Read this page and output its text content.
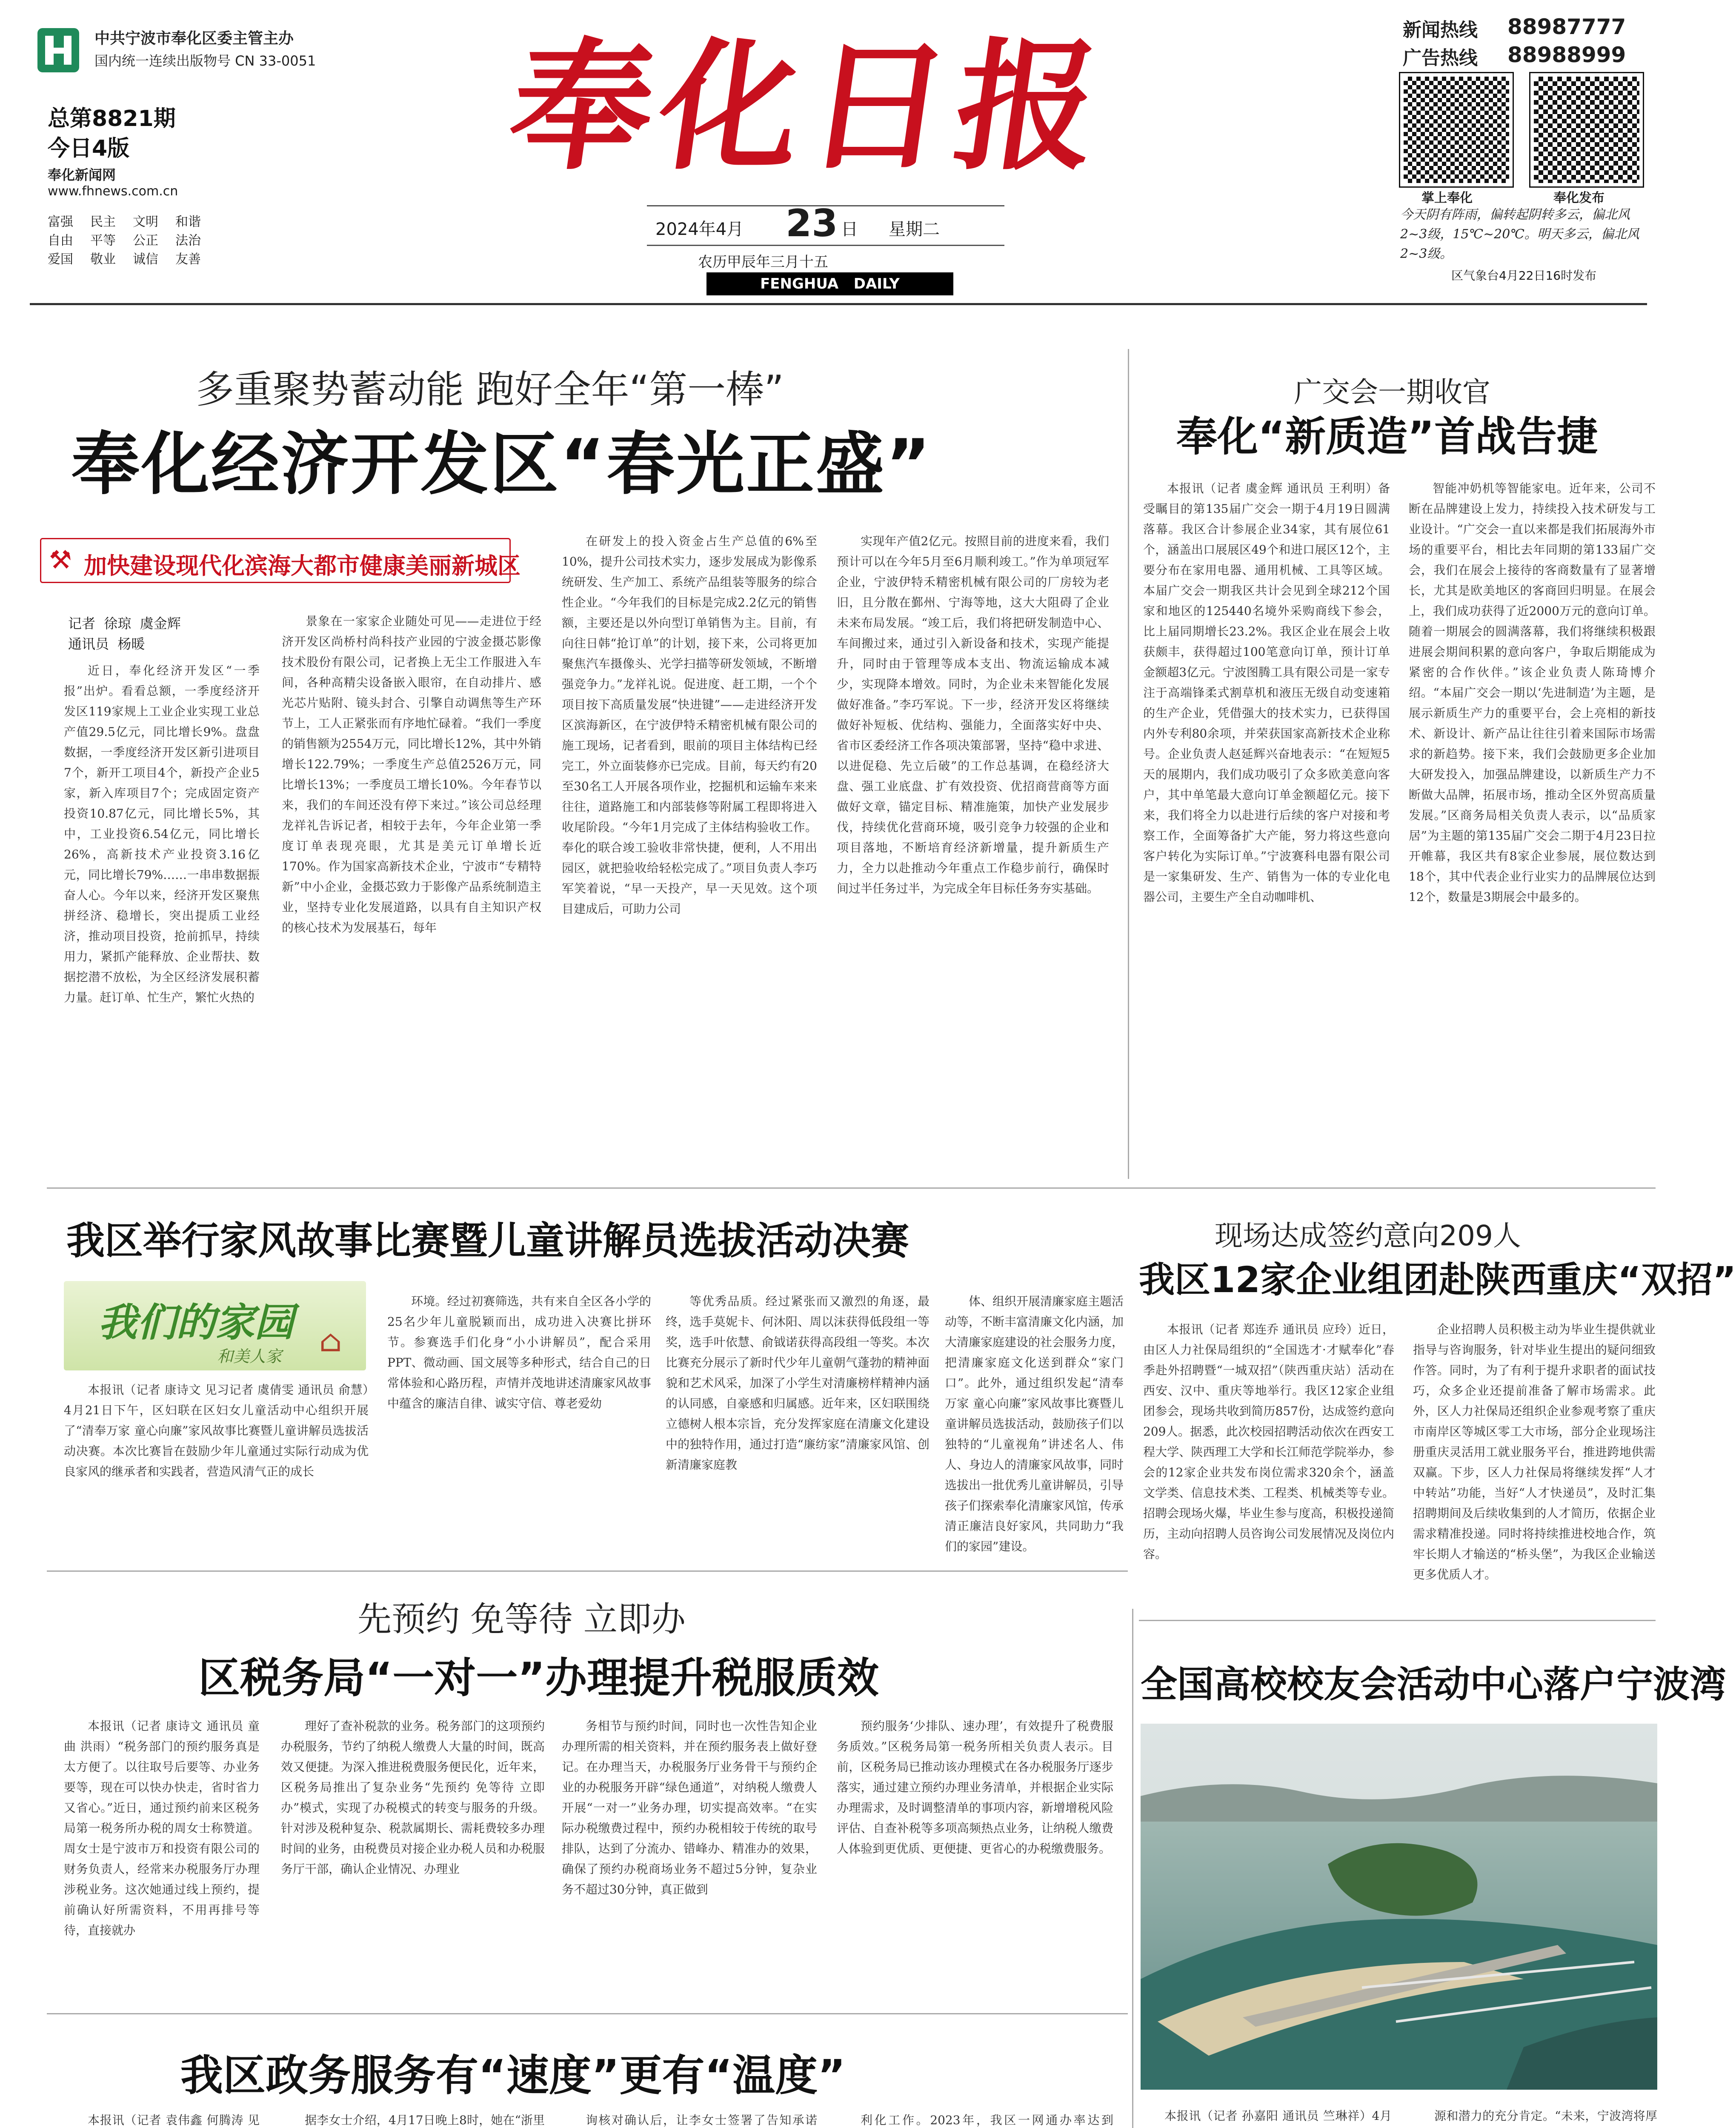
中共宁波市奉化区委主管主办
国内统一连续出版物号 CN 33-0051
总第8821期
今日4版
奉化新闻网
www.fhnews.com.cn
富强	民主	文明	和谐
自由	平等	公正	法治
爱国	敬业	诚信	友善
奉化日报
2024年4月 23 日 星期二
农历甲辰年三月十五
FENGHUA   DAILY
新闻热线 88987777
广告热线 88988999
掌上奉化	奉化发布
今天阴有阵雨，偏转起阴转多云，偏北风2~3级，15℃~20℃。明天多云，偏北风2~3级。
区气象台4月22日16时发布
多重聚势蓄动能 跑好全年“第一棒”
奉化经济开发区“春光正盛”
⚒ 加快建设现代化滨海大都市健康美丽新城区
记者  徐琼  虞金辉
通讯员  杨暖

近日，奉化经济开发区“一季报”出炉。看看总额，一季度经济开发区119家规上工业企业实现工业总产值29.5亿元，同比增长9%。盘盘数据，一季度经济开发区新引进项目7个，新开工项目4个，新投产企业5家，新入库项目7个；完成固定资产投资10.87亿元，同比增长5%，其中，工业投资6.54亿元，同比增长26%，高新技术产业投资3.16亿元，同比增长79%……一串串数据振奋人心。今年以来，经济开发区聚焦拼经济、稳增长，突出提质工业经济，推动项目投资，抢前抓早，持续用力，紧抓产能释放、企业帮扶、数据挖潜不放松，为全区经济发展积蓄力量。赶订单、忙生产，繁忙火热的

景象在一家家企业随处可见——走进位于经济开发区尚桥村尚科技产业园的宁波金摄芯影像技术股份有限公司，记者换上无尘工作服进入车间，各种高精尖设备嵌入眼帘，在自动排片、感光芯片贴附、镜头封合、引擎自动调焦等生产环节上，工人正紧张而有序地忙碌着。“我们一季度的销售额为2554万元，同比增长12%，其中外销增长122.79%；一季度生产总值2526万元，同比增长13%；一季度员工增长10%。今年春节以来，我们的车间还没有停下来过。”该公司总经理龙祥礼告诉记者，相较于去年，今年企业第一季度订单表现亮眼，尤其是美元订单增长近170%。作为国家高新技术企业，宁波市“专精特新”中小企业，金摄芯致力于影像产品系统制造主业，坚持专业化发展道路，以具有自主知识产权的核心技术为发展基石，每年

在研发上的投入资金占生产总值的6%至10%，提升公司技术实力，逐步发展成为影像系统研发、生产加工、系统产品组装等服务的综合性企业。“今年我们的目标是完成2.2亿元的销售额，主要还是以外向型订单销售为主。目前，有向往日韩“抢订单”的计划，接下来，公司将更加聚焦汽车摄像头、光学扫描等研发领域，不断增强竞争力。”龙祥礼说。促进度、赶工期，一个个项目按下高质量发展“快进键”——走进经济开发区滨海新区，在宁波伊特禾精密机械有限公司的施工现场，记者看到，眼前的项目主体结构已经完工，外立面装修亦已完成。目前，每天约有20至30名工人开展各项作业，挖掘机和运输车来来往往，道路施工和内部装修等附属工程即将进入收尾阶段。“今年1月完成了主体结构验收工作。奉化的联合竣工验收非常快捷，便利，人不用出园区，就把验收给轻松完成了。”项目负责人李巧军笑着说，“早一天投产，早一天见效。这个项目建成后，可助力公司

实现年产值2亿元。按照目前的进度来看，我们预计可以在今年5月至6月顺利竣工。”作为单项冠军企业，宁波伊特禾精密机械有限公司的厂房较为老旧，且分散在鄞州、宁海等地，这大大阻碍了企业未来布局发展。“竣工后，我们将把研发制造中心、车间搬过来，通过引入新设备和技术，实现产能提升，同时由于管理等成本支出、物流运输成本减少，实现降本增效。同时，为企业未来智能化发展做好准备。”李巧军说。下一步，经济开发区将继续做好补短板、优结构、强能力，全面落实好中央、省市区委经济工作各项决策部署，坚持“稳中求进、以进促稳、先立后破”的工作总基调，在稳经济大盘、强工业底盘、扩有效投资、优招商营商等方面做好文章，锚定目标、精准施策，加快产业发展步伐，持续优化营商环境，吸引竞争力较强的企业和项目落地，不断培育经济新增量，提升新质生产力，全力以赴推动今年重点工作稳步前行，确保时间过半任务过半，为完成全年目标任务夯实基础。

广交会一期收官
奉化“新质造”首战告捷

本报讯（记者 虞金辉 通讯员 王利明）备受瞩目的第135届广交会一期于4月19日圆满落幕。我区合计参展企业34家，其有展位61个，涵盖出口展展区49个和进口展区12个，主要分布在家用电器、通用机械、工具等区域。本届广交会一期我区共计会见到全球212个国家和地区的125440名境外采购商线下参会，比上届同期增长23.2%。我区企业在展会上收获颇丰，获得超过100笔意向订单，预计订单金额超3亿元。宁波图腾工具有限公司是一家专注于高端锋柔式割草机和液压无级自动变速箱的生产企业，凭借强大的技术实力，已获得国内外专利80余项，并荣获国家高新技术企业称号。企业负责人赵延辉兴奋地表示：“在短短5天的展期内，我们成功吸引了众多欧美意向客户，其中单笔最大意向订单金额超亿元。接下来，我们将全力以赴进行后续的客户对接和考察工作，全面筹备扩大产能，努力将这些意向客户转化为实际订单。”宁波赛科电器有限公司是一家集研发、生产、销售为一体的专业化电器公司，主要生产全自动咖啡机、

智能冲奶机等智能家电。近年来，公司不断在品牌建设上发力，持续投入技术研发与工业设计。“广交会一直以来都是我们拓展海外市场的重要平台，相比去年同期的第133届广交会，我们在展会上接待的客商数量有了显著增长，尤其是欧美地区的客商回归明显。在展会上，我们成功获得了近2000万元的意向订单。随着一期展会的圆满落幕，我们将继续积极跟进展会期间积累的意向客户，争取后期能成为紧密的合作伙伴。”该企业负责人陈琦博介绍。“本届广交会一期以‘先进制造’为主题，是展示新质生产力的重要平台，会上亮相的新技术、新设计、新产品让往往引着来国际市场需求的新趋势。接下来，我们会鼓励更多企业加大研发投入，加强品牌建设，以新质生产力不断做大品牌，拓展市场，推动全区外贸高质量发展。”区商务局相关负责人表示，以“品质家居”为主题的第135届广交会二期于4月23日拉开帷幕，我区共有8家企业参展，展位数达到18个，其中代表企业行业实力的品牌展位达到12个，数量是3期展会中最多的。

我区举行家风故事比赛暨儿童讲解员选拔活动决赛
我们的家园
和美人家 ⌂

本报讯（记者 康诗文 见习记者 虞倩雯 通讯员 俞慧）4月21日下午，区妇联在区妇女儿童活动中心组织开展了“清奉万家 童心向廉”家风故事比赛暨儿童讲解员选拔活动决赛。本次比赛旨在鼓励少年儿童通过实际行动成为优良家风的继承者和实践者，营造风清气正的成长

环境。经过初赛筛选，共有来自全区各小学的25名少年儿童脱颖而出，成功进入决赛比拼环节。参赛选手们化身“小小讲解员”，配合采用PPT、微动画、国文展等多种形式，结合自己的日常体验和心路历程，声情并茂地讲述清廉家风故事中蕴含的廉洁自律、诚实守信、尊老爱幼

等优秀品质。经过紧张而又激烈的角逐，最终，选手莫妮卡、何沐阳、周以沫获得低段组一等奖，选手叶依慧、俞钺诺获得高段组一等奖。本次比赛充分展示了新时代少年儿童朝气蓬勃的精神面貌和艺术风采，加深了小学生对清廉榜样精神内涵的认同感，自豪感和归属感。近年来，区妇联围绕立德树人根本宗旨，充分发挥家庭在清廉文化建设中的独特作用，通过打造“廉纺家”清廉家风馆、创新清廉家庭教

体、组织开展清廉家庭主题活动等，不断丰富清廉文化内涵，加大清廉家庭建设的社会服务力度，把清廉家庭文化送到群众“家门口”。此外，通过组织发起“清奉万家 童心向廉”家风故事比赛暨儿童讲解员选拔活动，鼓励孩子们以独特的“儿童视角”讲述名人、伟人、身边人的清廉家风故事，同时选拔出一批优秀儿童讲解员，引导孩子们探索奉化清廉家风馆，传承清正廉洁良好家风，共同助力“我们的家园”建设。

现场达成签约意向209人
我区12家企业组团赴陕西重庆“双招”

本报讯（记者 郑连乔 通讯员 应玲）近日，由区人力社保局组织的“全国选才·才赋奉化”春季赴外招聘暨“一城双招”（陕西重庆站）活动在西安、汉中、重庆等地举行。我区12家企业组团参会，现场共收到简历857份，达成签约意向209人。据悉，此次校园招聘活动依次在西安工程大学、陕西理工大学和长江师范学院举办，参会的12家企业共发布岗位需求320余个，涵盖文学类、信息技术类、工程类、机械类等专业。招聘会现场火爆，毕业生参与度高，积极投递简历，主动向招聘人员咨询公司发展情况及岗位内容。

企业招聘人员积极主动为毕业生提供就业指导与咨询服务，针对毕业生提出的疑问细致作答。同时，为了有利于提升求职者的面试技巧，众多企业还提前准备了解市场需求。此外，区人力社保局还组织企业参观考察了重庆市南岸区等城区零工大市场，部分企业现场注册重庆灵活用工就业服务平台，推进跨地供需双赢。下步，区人力社保局将继续发挥“人才中转站”功能，当好“人才快递员”，及时汇集招聘期间及后续收集到的人才简历，依据企业需求精准投递。同时将持续推进校地合作，筑牢长期人才输送的“桥头堡”，为我区企业输送更多优质人才。

先预约 免等待 立即办
区税务局“一对一”办理提升税服质效

本报讯（记者 康诗文 通讯员 童曲 洪雨）“税务部门的预约服务真是太方便了。以往取号后要等、办业务要等，现在可以快办快走，省时省力又省心。”近日，通过预约前来区税务局第一税务所办税的周女士称赞道。周女士是宁波市万和投资有限公司的财务负责人，经常来办税服务厅办理涉税业务。这次她通过线上预约，提前确认好所需资料，不用再排号等待，直接就办

理好了查补税款的业务。税务部门的这项预约办税服务，节约了纳税人缴费人大量的时间，既高效又便捷。为深入推进税费服务便民化，近年来，区税务局推出了复杂业务“先预约 免等待 立即办”模式，实现了办税模式的转变与服务的升级。针对涉及税种复杂、税款属期长、需耗费较多办理时间的业务，由税费员对接企业办税人员和办税服务厅干部，确认企业情况、办理业

务相节与预约时间，同时也一次性告知企业办理所需的相关资料，并在预约服务表上做好登记。在办理当天，办税服务厅业务骨干与预约企业的办税服务开辟“绿色通道”，对纳税人缴费人开展“一对一”业务办理，切实提高效率。“在实际办税缴费过程中，预约办税相较于传统的取号排队，达到了分流办、错峰办、精准办的效果，确保了预约办税商场业务不超过5分钟，复杂业务不超过30分钟，真正做到

预约服务‘少排队、速办理’，有效提升了税费服务质效。”区税务局第一税务所相关负责人表示。目前，区税务局已推动该办理模式在各办税服务厅逐步落实，通过建立预约办理业务清单，并根据企业实际办理需求，及时调整清单的事项内容，新增增税风险评估、自查补税等多项高频热点业务，让纳税人缴费人体验到更优质、更便捷、更省心的办税缴费服务。

全国高校校友会活动中心落户宁波湾

本报讯（记者 孙嘉阳 通讯员 竺琳祥）4月	源和潜力的充分肯定。“未来，宁波湾将厚

我区政务服务有“速度”更有“温度”

本报讯（记者 袁伟鑫 何腾涛 见	据李女士介绍，4月17日晚上8时，她在“浙里	询核对确认后，让李女士签署了告知承诺	利化工作。2023年，我区一网通办率达到
